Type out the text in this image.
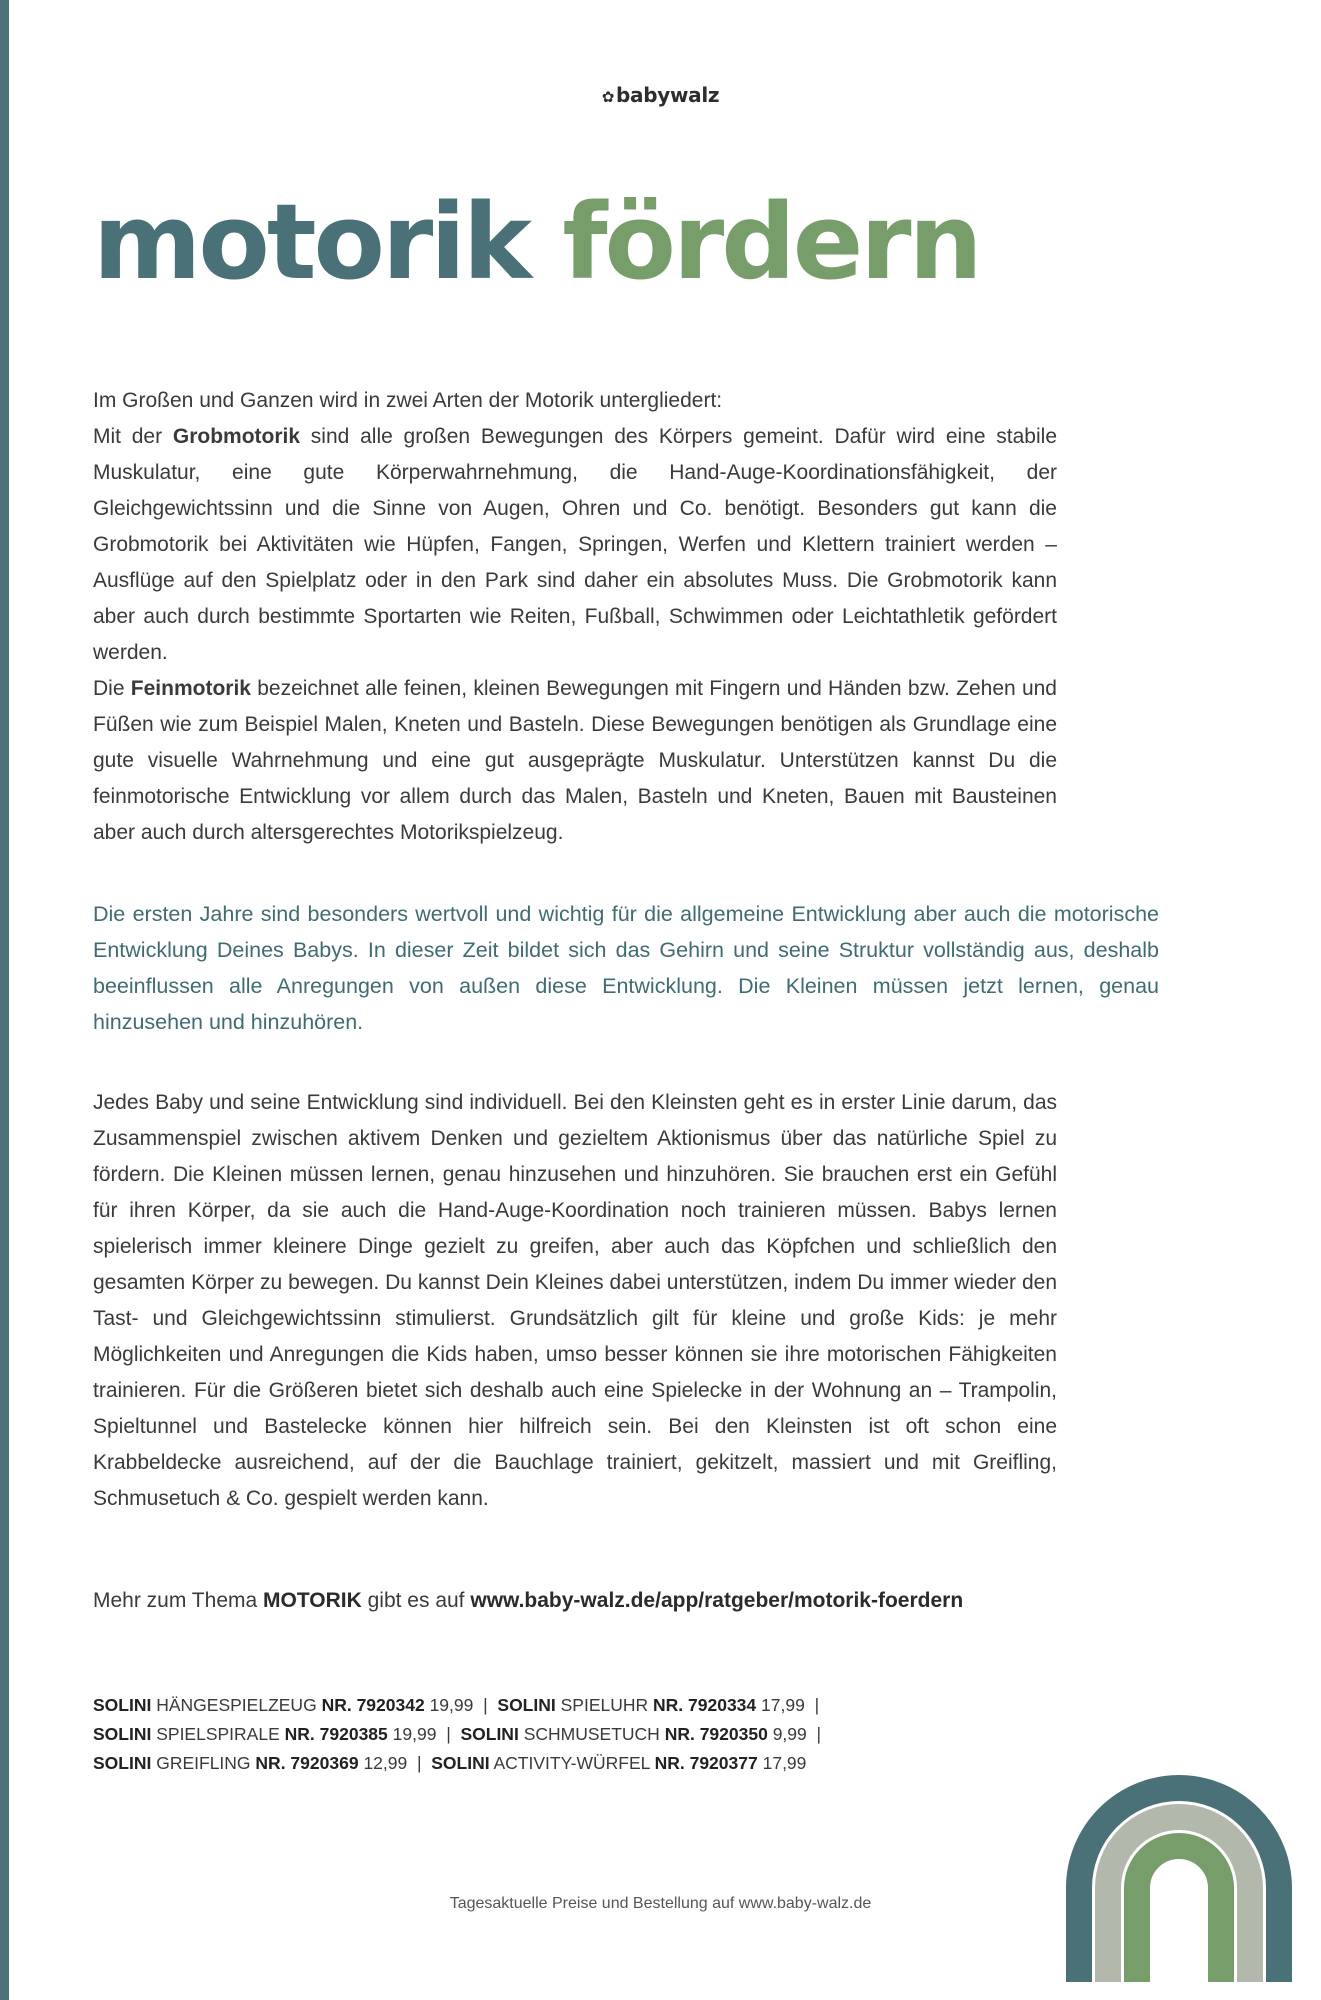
✿ babywalz
motorik fördern

Im Großen und Ganzen wird in zwei Arten der Motorik untergliedert:

Mit der Grobmotorik sind alle großen Bewegungen des Körpers gemeint. Dafür wird eine stabile Muskulatur, eine gute Körperwahrnehmung, die Hand-Auge-Koordinationsfähigkeit, der Gleichgewichtssinn und die Sinne von Augen, Ohren und Co. benötigt. Besonders gut kann die Grobmotorik bei Aktivitäten wie Hüpfen, Fangen, Springen, Werfen und Klettern trainiert werden – Ausflüge auf den Spielplatz oder in den Park sind daher ein absolutes Muss. Die Grobmotorik kann aber auch durch bestimmte Sportarten wie Reiten, Fußball, Schwimmen oder Leichtathletik gefördert werden.

Die Feinmotorik bezeichnet alle feinen, kleinen Bewegungen mit Fingern und Händen bzw. Zehen und Füßen wie zum Beispiel Malen, Kneten und Basteln. Diese Bewegungen benötigen als Grundlage eine gute visuelle Wahrnehmung und eine gut ausgeprägte Muskulatur. Unterstützen kannst Du die feinmotorische Entwicklung vor allem durch das Malen, Basteln und Kneten, Bauen mit Bausteinen aber auch durch altersgerechtes Motorikspielzeug.

Die ersten Jahre sind besonders wertvoll und wichtig für die allgemeine Entwicklung aber auch die motorische Entwicklung Deines Babys. In dieser Zeit bildet sich das Gehirn und seine Struktur vollständig aus, deshalb beeinflussen alle Anregungen von außen diese Entwicklung. Die Kleinen müssen jetzt lernen, genau hinzusehen und hinzuhören.

Jedes Baby und seine Entwicklung sind individuell. Bei den Kleinsten geht es in erster Linie darum, das Zusammenspiel zwischen aktivem Denken und gezieltem Aktionismus über das natürliche Spiel zu fördern. Die Kleinen müssen lernen, genau hinzusehen und hinzuhören. Sie brauchen erst ein Gefühl für ihren Körper, da sie auch die Hand-Auge-Koordination noch trainieren müssen. Babys lernen spielerisch immer kleinere Dinge gezielt zu greifen, aber auch das Köpfchen und schließlich den gesamten Körper zu bewegen. Du kannst Dein Kleines dabei unterstützen, indem Du immer wieder den Tast- und Gleichgewichtssinn stimulierst. Grundsätzlich gilt für kleine und große Kids: je mehr Möglichkeiten und Anregungen die Kids haben, umso besser können sie ihre motorischen Fähigkeiten trainieren. Für die Größeren bietet sich deshalb auch eine Spielecke in der Wohnung an – Trampolin, Spieltunnel und Bastelecke können hier hilfreich sein. Bei den Kleinsten ist oft schon eine Krabbeldecke ausreichend, auf der die Bauchlage trainiert, gekitzelt, massiert und mit Greifling, Schmusetuch & Co. gespielt werden kann.

Mehr zum Thema MOTORIK gibt es auf www.baby-walz.de/app/ratgeber/motorik-foerdern
SOLINI HÄNGESPIELZEUG NR. 7920342 19,99 | SOLINI SPIELUHR NR. 7920334 17,99 |
SOLINI SPIELSPIRALE NR. 7920385 19,99 | SOLINI SCHMUSETUCH NR. 7920350 9,99 |
SOLINI GREIFLING NR. 7920369 12,99 | SOLINI ACTIVITY-WÜRFEL NR. 7920377 17,99
Tagesaktuelle Preise und Bestellung auf www.baby-walz.de
